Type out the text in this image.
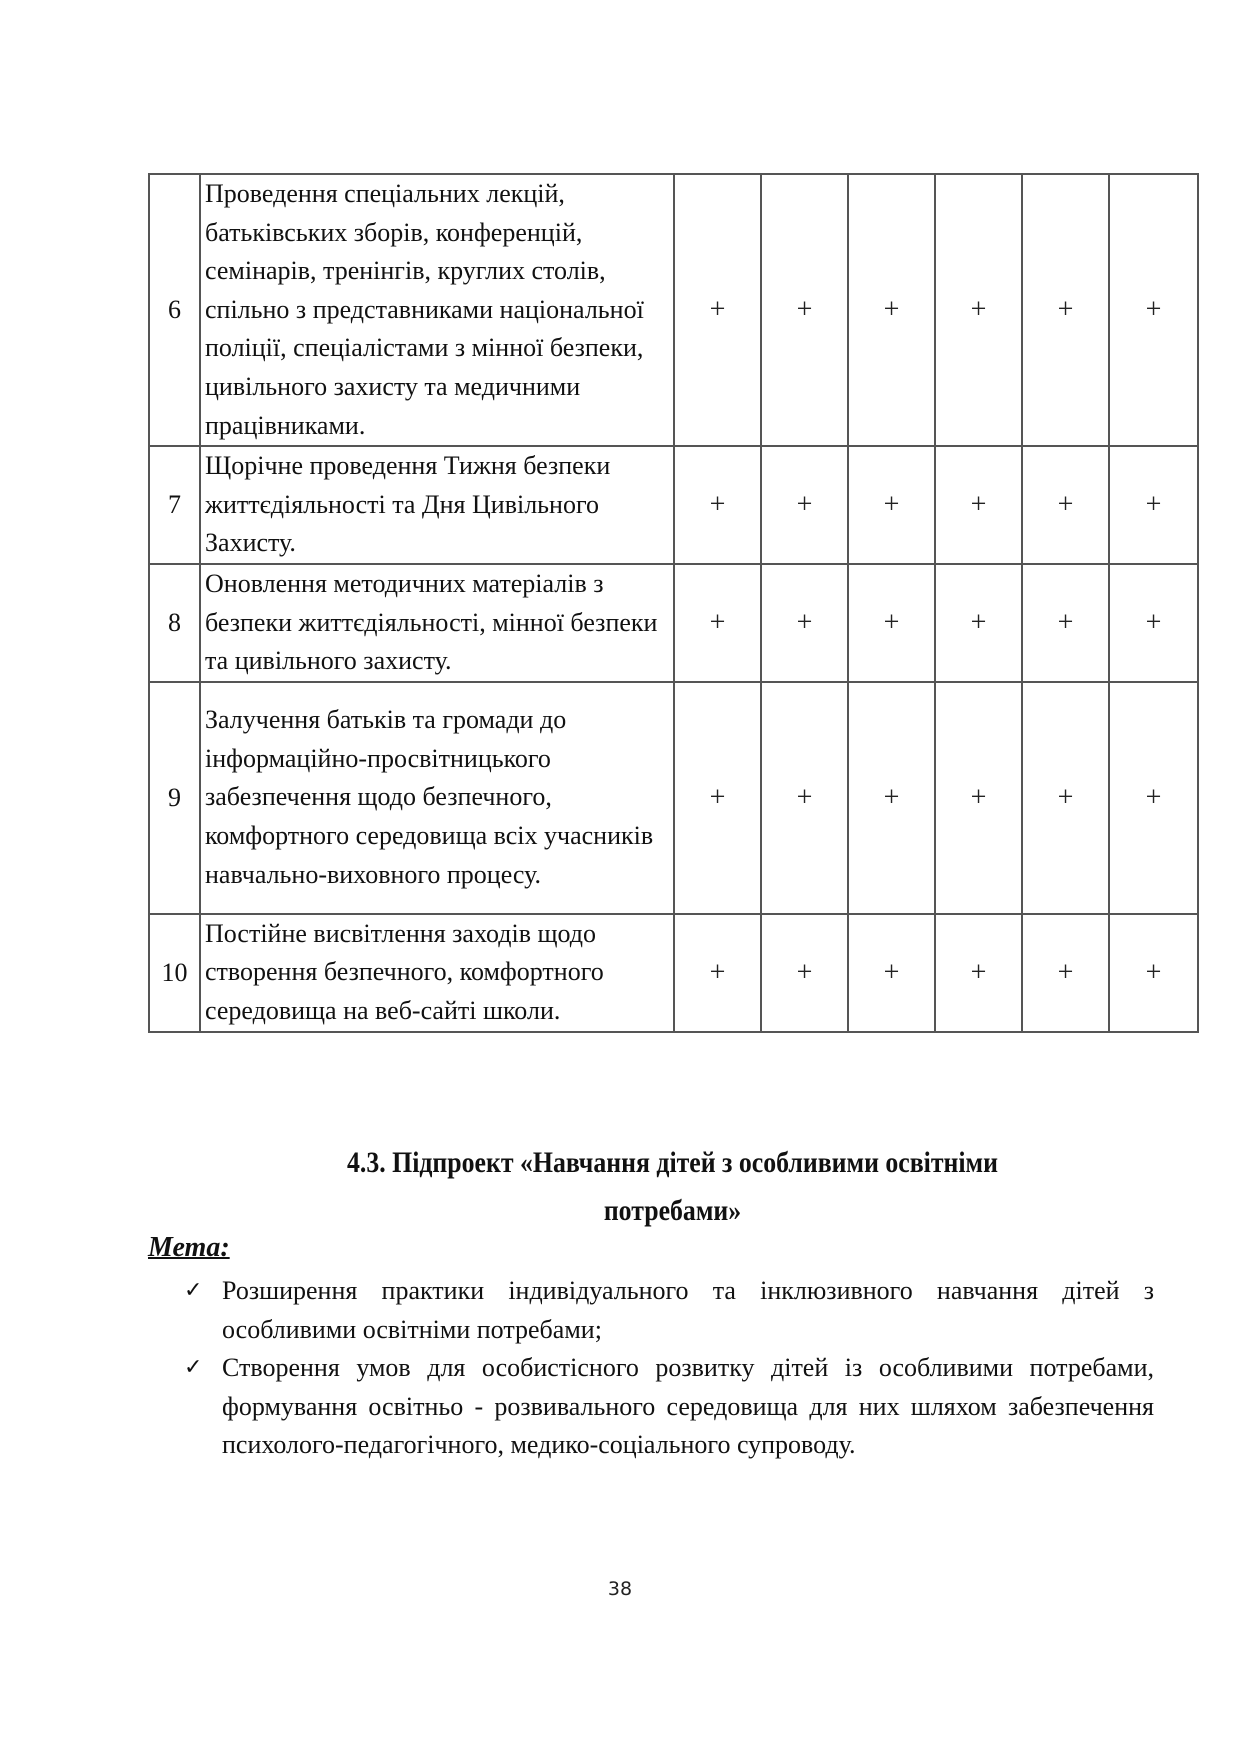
6	Проведення спеціальних лекцій, батьківських зборів, конференцій, семінарів, тренінгів, круглих столів, спільно з представниками національної поліції, спеціалістами з мінної безпеки, цивільного захисту та медичними працівниками.	+	+	+	+	+	+
7	Щорічне проведення Тижня безпеки життєдіяльності та Дня Цивільного Захисту.	+	+	+	+	+	+
8	Оновлення методичних матеріалів з безпеки життєдіяльності, мінної безпеки та цивільного захисту.	+	+	+	+	+	+
9	Залучення батьків та громади до інформаційно-просвітницького забезпечення щодо безпечного, комфортного середовища всіх учасників навчально-виховного процесу.	+	+	+	+	+	+
10	Постійне висвітлення заходів щодо створення безпечного, комфортного середовища на веб-сайті школи.	+	+	+	+	+	+
4.3. Підпроект «Навчання дітей з особливими освітніми
потребами»
Мета:
✓ Розширення практики індивідуального та інклюзивного навчання дітей з особливими освітніми потребами;
✓ Створення умов для особистісного розвитку дітей із особливими потребами, формування освітньо - розвивального середовища для них шляхом забезпечення психолого-педагогічного, медико-соціального супроводу.
38
